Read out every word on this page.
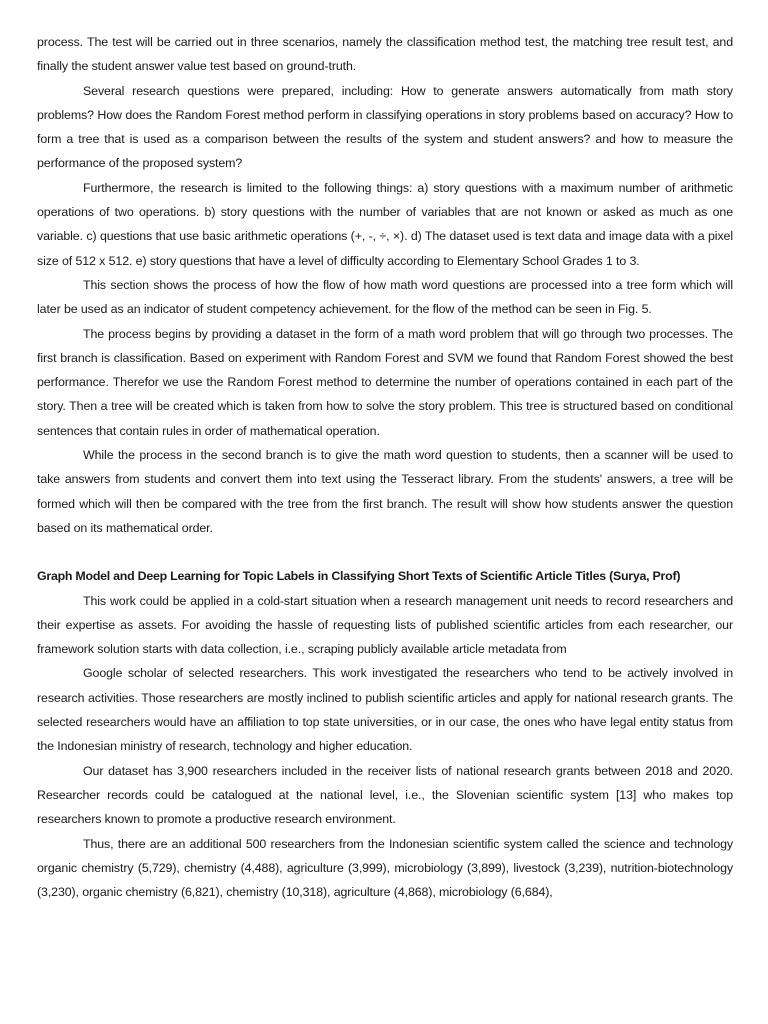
process. The test will be carried out in three scenarios, namely the classification method test, the matching tree result test, and finally the student answer value test based on ground-truth.

Several research questions were prepared, including: How to generate answers automatically from math story problems? How does the Random Forest method perform in classifying operations in story problems based on accuracy? How to form a tree that is used as a comparison between the results of the system and student answers? and how to measure the performance of the proposed system?

Furthermore, the research is limited to the following things: a) story questions with a maximum number of arithmetic operations of two operations. b) story questions with the number of variables that are not known or asked as much as one variable. c) questions that use basic arithmetic operations (+, -, ÷, ×). d) The dataset used is text data and image data with a pixel size of 512 x 512. e) story questions that have a level of difficulty according to Elementary School Grades 1 to 3.

This section shows the process of how the flow of how math word questions are processed into a tree form which will later be used as an indicator of student competency achievement. for the flow of the method can be seen in Fig. 5.

The process begins by providing a dataset in the form of a math word problem that will go through two processes. The first branch is classification. Based on experiment with Random Forest and SVM we found that Random Forest showed the best performance. Therefor we use the Random Forest method to determine the number of operations contained in each part of the story. Then a tree will be created which is taken from how to solve the story problem. This tree is structured based on conditional sentences that contain rules in order of mathematical operation.

While the process in the second branch is to give the math word question to students, then a scanner will be used to take answers from students and convert them into text using the Tesseract library. From the students' answers, a tree will be formed which will then be compared with the tree from the first branch. The result will show how students answer the question based on its mathematical order.

Graph Model and Deep Learning for Topic Labels in Classifying Short Texts of Scientific Article Titles (Surya, Prof)

This work could be applied in a cold-start situation when a research management unit needs to record researchers and their expertise as assets. For avoiding the hassle of requesting lists of published scientific articles from each researcher, our framework solution starts with data collection, i.e., scraping publicly available article metadata from

Google scholar of selected researchers. This work investigated the researchers who tend to be actively involved in research activities. Those researchers are mostly inclined to publish scientific articles and apply for national research grants. The selected researchers would have an affiliation to top state universities, or in our case, the ones who have legal entity status from the Indonesian ministry of research, technology and higher education.

Our dataset has 3,900 researchers included in the receiver lists of national research grants between 2018 and 2020. Researcher records could be catalogued at the national level, i.e., the Slovenian scientific system [13] who makes top researchers known to promote a productive research environment.

Thus, there are an additional 500 researchers from the Indonesian scientific system called the science and technology organic chemistry (5,729), chemistry (4,488), agriculture (3,999), microbiology (3,899), livestock (3,239), nutrition-biotechnology (3,230), organic chemistry (6,821), chemistry (10,318), agriculture (4,868), microbiology (6,684),
